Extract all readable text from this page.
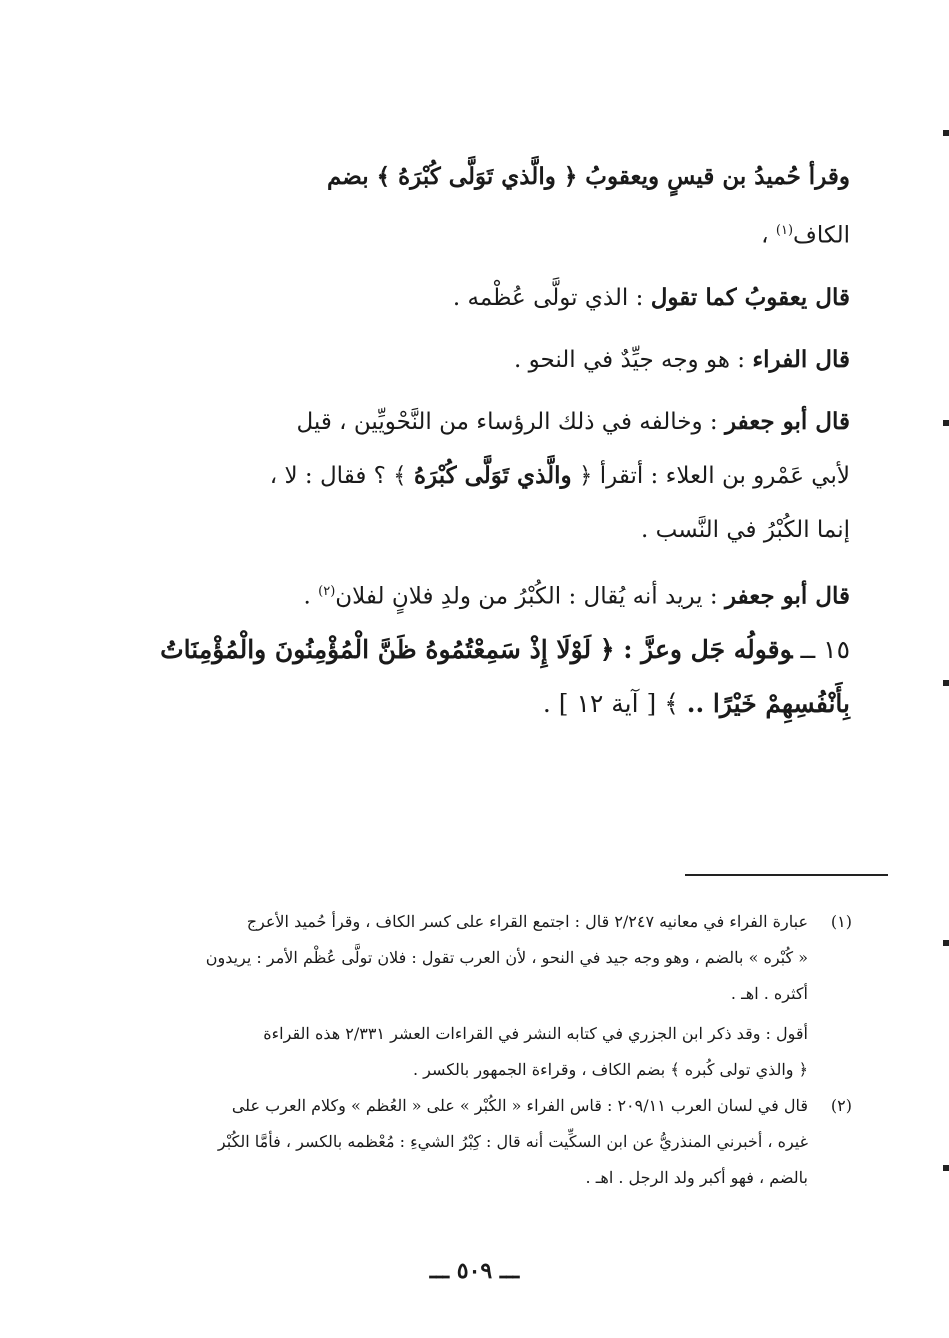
وقرأ حُميدُ بن قيسٍ ويعقوبُ ﴿ والَّذي تَوَلَّى كُبْرَهُ ﴾ بضم
الكاف$^{(١)}$ ،

قال يعقوبُ كما تقول : الذي تولَّى عُظْمه .

قال الفراء : هو وجه جيِّدٌ في النحو .

قال أبو جعفر : وخالفه في ذلك الرؤساء من النَّحْويِّين ، قيل
لأبي عَمْرو بن العلاء : أتقرأ ﴿ والَّذي تَوَلَّى كُبْرَهُ ﴾ ؟ فقال : لا ،
إنما الكُبْرُ في النَّسب .

قال أبو جعفر : يريد أنه يُقال : الكُبْرُ من ولدِ فلانٍ لفلان$^{(٢)}$ .

١٥ ــوقولُه جَل وعزَّ : ﴿ لَوْلَا إِذْ سَمِعْتُمُوهُ ظَنَّ الْمُؤْمِنُونَ والْمُؤْمِنَاتُ
بِأَنْفُسِهِمْ خَيْرًا .. ﴾ [ آية ١٢ ] .

(١)
عبارة الفراء في معانيه ٢/٢٤٧ قال : اجتمع القراء على كسر الكاف ، وقرأ حُميد الأعرج
« كُبْره » بالضم ، وهو وجه جيد في النحو ، لأن العرب تقول : فلان تولَّى عُظْم الأمر : يريدون
أكثره . اهـ .
أقول : وقد ذكر ابن الجزري في كتابه النشر في القراءات العشر ٢/٣٣١ هذه القراءة
﴿ والذي تولى كُبره ﴾ بضم الكاف ، وقراءة الجمهور بالكسر .
(٢)
قال في لسان العرب ٢٠٩/١١ : قاس الفراء « الكُبْر » على « العُظم » وكلام العرب على
غيره ، أخبرني المنذريُّ عن ابن السكِّيت أنه قال : كِبْرُ الشيءِ : مُعْظمه بالكسر ، فأمَّا الكُبْر
بالضم ، فهو أكبر ولد الرجل . اهـ .
ـــ ٥٠٩ ـــ
